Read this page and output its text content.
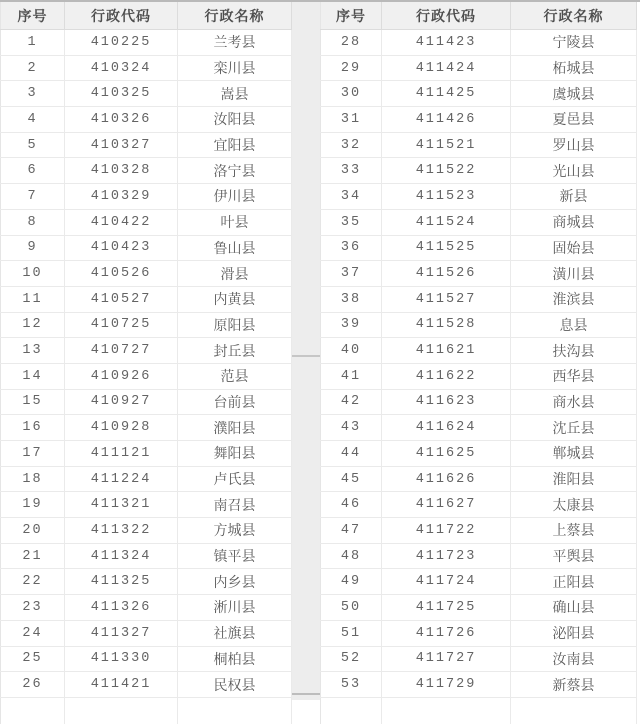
序号	行政代码	行政名称
1	410225	兰考县
2	410324	栾川县
3	410325	嵩县
4	410326	汝阳县
5	410327	宜阳县
6	410328	洛宁县
7	410329	伊川县
8	410422	叶县
9	410423	鲁山县
10	410526	滑县
11	410527	内黄县
12	410725	原阳县
13	410727	封丘县
14	410926	范县
15	410927	台前县
16	410928	濮阳县
17	411121	舞阳县
18	411224	卢氏县
19	411321	南召县
20	411322	方城县
21	411324	镇平县
22	411325	内乡县
23	411326	淅川县
24	411327	社旗县
25	411330	桐柏县
26	411421	民权县
序号	行政代码	行政名称
28	411423	宁陵县
29	411424	柘城县
30	411425	虞城县
31	411426	夏邑县
32	411521	罗山县
33	411522	光山县
34	411523	新县
35	411524	商城县
36	411525	固始县
37	411526	潢川县
38	411527	淮滨县
39	411528	息县
40	411621	扶沟县
41	411622	西华县
42	411623	商水县
43	411624	沈丘县
44	411625	郸城县
45	411626	淮阳县
46	411627	太康县
47	411722	上蔡县
48	411723	平舆县
49	411724	正阳县
50	411725	确山县
51	411726	泌阳县
52	411727	汝南县
53	411729	新蔡县
